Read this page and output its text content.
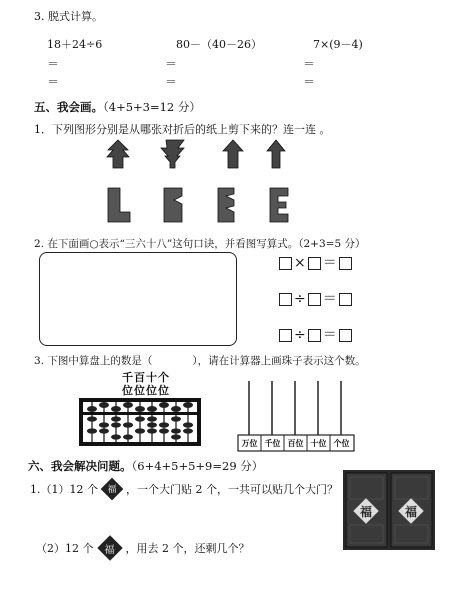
3. 脱式计算。
18＋24÷6	80－（40－26）	7×(9－4)
＝	＝	＝
＝	＝	＝
五、我会画。（4+5+3=12 分）
1．下列图形分别是从哪张对折后的纸上剪下来的？连一连 。
2. 在下面画○表示“三六十八”这句口诀，并看图写算式。（2+3=5 分）
× ＝
÷ ＝
÷ ＝
3. 下图中算盘上的数是（	），请在计算器上画珠子表示这个数。
千百十个
位位位位
万位 千位 百位 十位 个位
六、我会解决问题。（6+4+5+5+9=29 分）
1.（1）12 个	福 ，一个大门贴 2 个，一共可以贴几个大门？
（2）12 个	福	，用去 2 个，还剩几个？
福	福
